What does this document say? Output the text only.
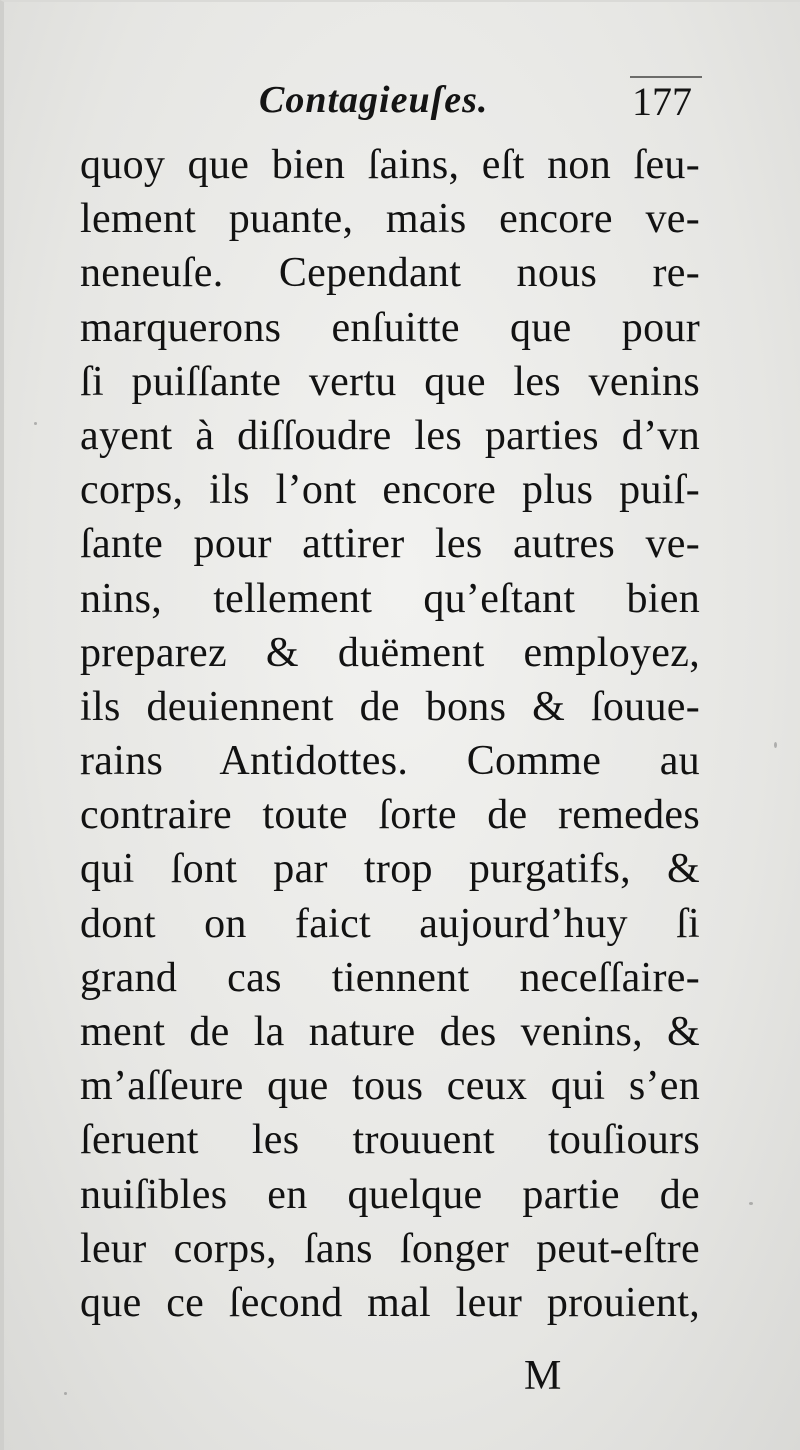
Contagieuſes.	177
quoy que bien ſains, eſt non ſeu-
lement puante, mais encore ve-
neneuſe. Cependant nous re-
marquerons enſuitte que pour
ſi puiſſante vertu que les venins
ayent à diſſoudre les parties d’vn
corps, ils l’ont encore plus puiſ-
ſante pour attirer les autres ve-
nins, tellement qu’eſtant bien
preparez & duëment employez,
ils deuiennent de bons & ſouue-
rains Antidottes. Comme au
contraire toute ſorte de remedes
qui ſont par trop purgatifs, &
dont on faict aujourd’huy ſi
grand cas tiennent neceſſaire-
ment de la nature des venins, &
m’aſſeure que tous ceux qui s’en
ſeruent les trouuent touſiours
nuiſibles en quelque partie de
leur corps, ſans ſonger peut-eſtre
que ce ſecond mal leur prouient,
M
